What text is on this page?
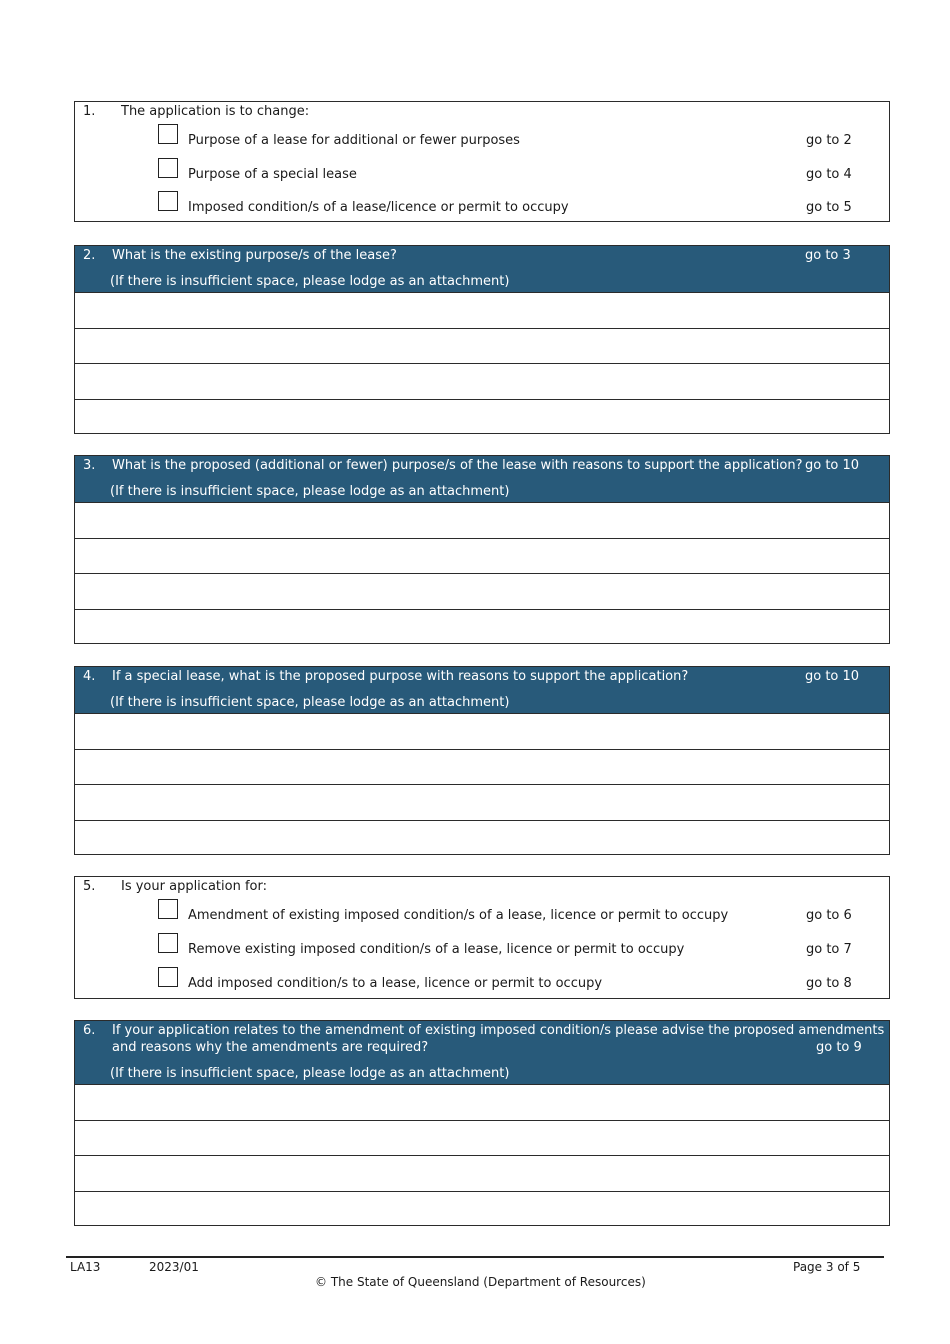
1. The application is to change:
Purpose of a lease for additional or fewer purposes	go to 2
Purpose of a special lease	go to 4
Imposed condition/s of a lease/licence or permit to occupy	go to 5
2. What is the existing purpose/s of the lease?	go to 3
(If there is insufficient space, please lodge as an attachment)
3. What is the proposed (additional or fewer) purpose/s of the lease with reasons to support the application? go to 10
(If there is insufficient space, please lodge as an attachment)
4. If a special lease, what is the proposed purpose with reasons to support the application?	go to 10
(If there is insufficient space, please lodge as an attachment)
5. Is your application for:
Amendment of existing imposed condition/s of a lease, licence or permit to occupy	go to 6
Remove existing imposed condition/s of a lease, licence or permit to occupy	go to 7
Add imposed condition/s to a lease, licence or permit to occupy	go to 8
6. If your application relates to the amendment of existing imposed condition/s please advise the proposed amendments
and reasons why the amendments are required?	go to 9
(If there is insufficient space, please lodge as an attachment)
LA13	2023/01	Page 3 of 5
© The State of Queensland (Department of Resources)
